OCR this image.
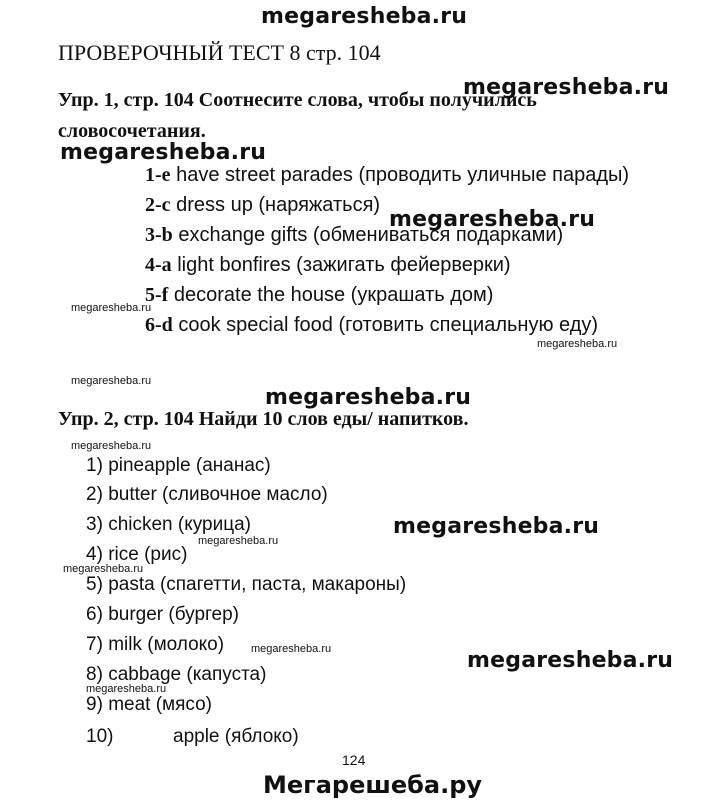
megaresheba.ru
megaresheba.ru
megaresheba.ru
megaresheba.ru
megaresheba.ru
megaresheba.ru
megaresheba.ru
megaresheba.ru
megaresheba.ru
megaresheba.ru
megaresheba.ru
megaresheba.ru
megaresheba.ru	megaresheba.ru
megaresheba.ru
ПРОВЕРОЧНЫЙ ТЕСТ 8 стр. 104
Упр. 1, стр. 104 Соотнесите слова, чтобы получились
словосочетания.
1-e have street parades (проводить уличные парады)
2-c dress up (наряжаться)
3-b exchange gifts (обмениваться подарками)
4-a light bonfires (зажигать фейерверки)
5-f decorate the house (украшать дом)
6-d cook special food (готовить специальную еду)
Упр. 2, стр. 104 Найди 10 слов еды/ напитков.
1) pineapple (ананас)
2) butter (сливочное масло)
3) chicken (курица)
4) rice (рис)
5) pasta (спагетти, паста, макароны)
6) burger (бургер)
7) milk (молоко)
8) cabbage (капуста)
9) meat (мясо)
10)	apple (яблоко)
124
Мегарешеба.ру
